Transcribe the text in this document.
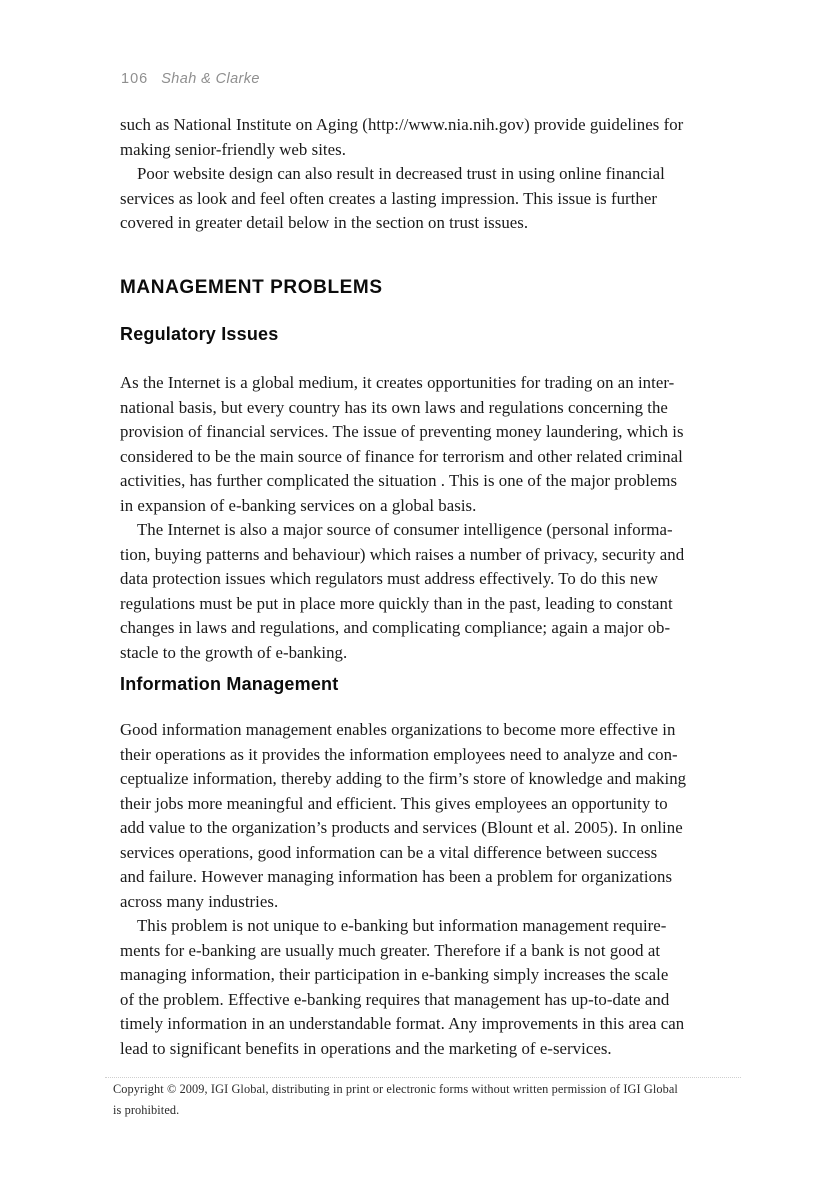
106 Shah & Clarke
such as National Institute on Aging (http://www.nia.nih.gov) provide guidelines for
making senior-friendly web sites.
Poor website design can also result in decreased trust in using online financial
services as look and feel often creates a lasting impression. This issue is further
covered in greater detail below in the section on trust issues.
MANAGEMENT PROBLEMS
Regulatory Issues
As the Internet is a global medium, it creates opportunities for trading on an inter-
national basis, but every country has its own laws and regulations concerning the
provision of financial services. The issue of preventing money laundering, which is
considered to be the main source of finance for terrorism and other related criminal
activities, has further complicated the situation . This is one of the major problems
in expansion of e-banking services on a global basis.
The Internet is also a major source of consumer intelligence (personal informa-
tion, buying patterns and behaviour) which raises a number of privacy, security and
data protection issues which regulators must address effectively. To do this new
regulations must be put in place more quickly than in the past, leading to constant
changes in laws and regulations, and complicating compliance; again a major ob-
stacle to the growth of e-banking.
Information Management
Good information management enables organizations to become more effective in
their operations as it provides the information employees need to analyze and con-
ceptualize information, thereby adding to the firm’s store of knowledge and making
their jobs more meaningful and efficient. This gives employees an opportunity to
add value to the organization’s products and services (Blount et al. 2005). In online
services operations, good information can be a vital difference between success
and failure. However managing information has been a problem for organizations
across many industries.
This problem is not unique to e-banking but information management require-
ments for e-banking are usually much greater. Therefore if a bank is not good at
managing information, their participation in e-banking simply increases the scale
of the problem. Effective e-banking requires that management has up-to-date and
timely information in an understandable format. Any improvements in this area can
lead to significant benefits in operations and the marketing of e-services.
Copyright © 2009, IGI Global, distributing in print or electronic forms without written permission of IGI Global
is prohibited.
